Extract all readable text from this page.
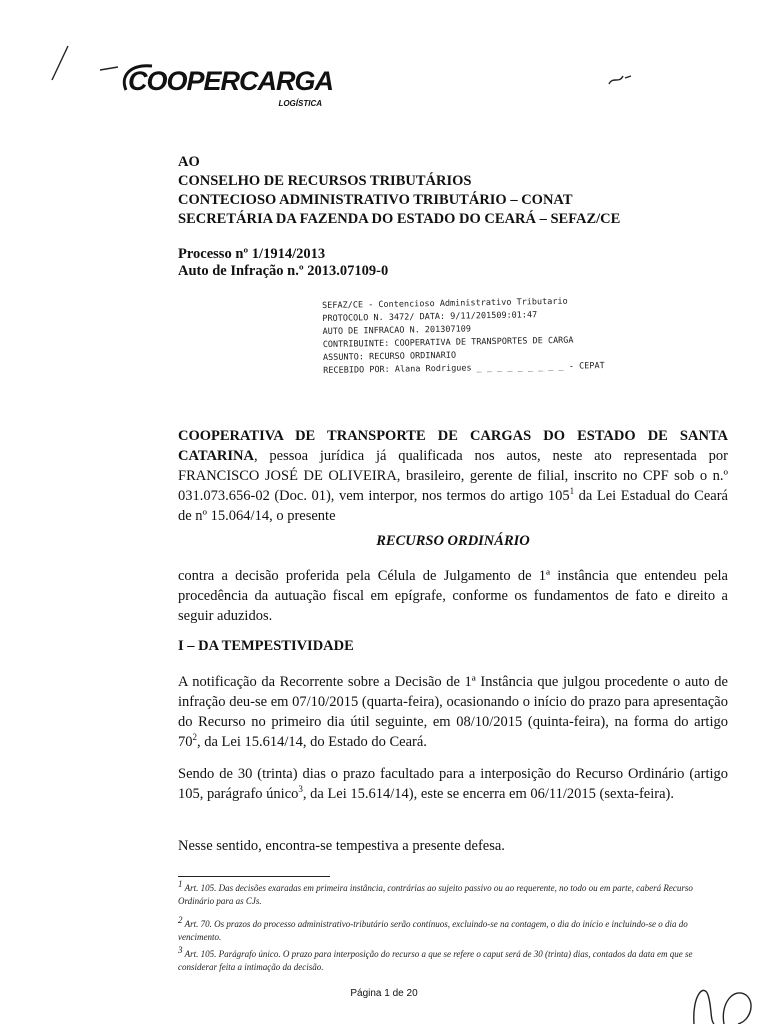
COOPERCARGA
LOGÍSTICA
AO
CONSELHO DE RECURSOS TRIBUTÁRIOS
CONTECIOSO ADMINISTRATIVO TRIBUTÁRIO – CONAT
SECRETÁRIA DA FAZENDA DO ESTADO DO CEARÁ – SEFAZ/CE
Processo nº 1/1914/2013
Auto de Infração n.º 2013.07109-0
SEFAZ/CE - Contencioso Administrativo Tributario
PROTOCOLO N. 3472/ DATA: 9/11/201509:01:47
AUTO DE INFRACAO N. 201307109
CONTRIBUINTE: COOPERATIVA DE TRANSPORTES DE CARGA
ASSUNTO: RECURSO ORDINARIO
RECEBIDO POR: Alana Rodrigues _ _ _ _ _ _ _ _ _ - CEPAT
COOPERATIVA DE TRANSPORTE DE CARGAS DO ESTADO DE SANTA CATARINA, pessoa jurídica já qualificada nos autos, neste ato representada por FRANCISCO JOSÉ DE OLIVEIRA, brasileiro, gerente de filial, inscrito no CPF sob o n.º 031.073.656-02 (Doc. 01), vem interpor, nos termos do artigo $105^1$ da Lei Estadual do Ceará de nº 15.064/14, o presente
RECURSO ORDINÁRIO
contra a decisão proferida pela Célula de Julgamento de 1ª instância que entendeu pela procedência da autuação fiscal em epígrafe, conforme os fundamentos de fato e direito a seguir aduzidos.
I – DA TEMPESTIVIDADE
A notificação da Recorrente sobre a Decisão de 1ª Instância que julgou procedente o auto de infração deu-se em 07/10/2015 (quarta-feira), ocasionando o início do prazo para apresentação do Recurso no primeiro dia útil seguinte, em 08/10/2015 (quinta-feira), na forma do artigo $70^2$, da Lei 15.614/14, do Estado do Ceará.
Sendo de 30 (trinta) dias o prazo facultado para a interposição do Recurso Ordinário (artigo 105, parágrafo único$^3$, da Lei 15.614/14), este se encerra em 06/11/2015 (sexta-feira).
Nesse sentido, encontra-se tempestiva a presente defesa.
$^1$ Art. 105. Das decisões exaradas em primeira instância, contrárias ao sujeito passivo ou ao requerente, no todo ou em parte, caberá Recurso Ordinário para as CJs.
$^2$ Art. 70. Os prazos do processo administrativo-tributário serão contínuos, excluindo-se na contagem, o dia do início e incluindo-se o dia do vencimento.
$^3$ Art. 105. Parágrafo único. O prazo para interposição do recurso a que se refere o caput será de 30 (trinta) dias, contados da data em que se considerar feita a intimação da decisão.
Página 1 de 20
